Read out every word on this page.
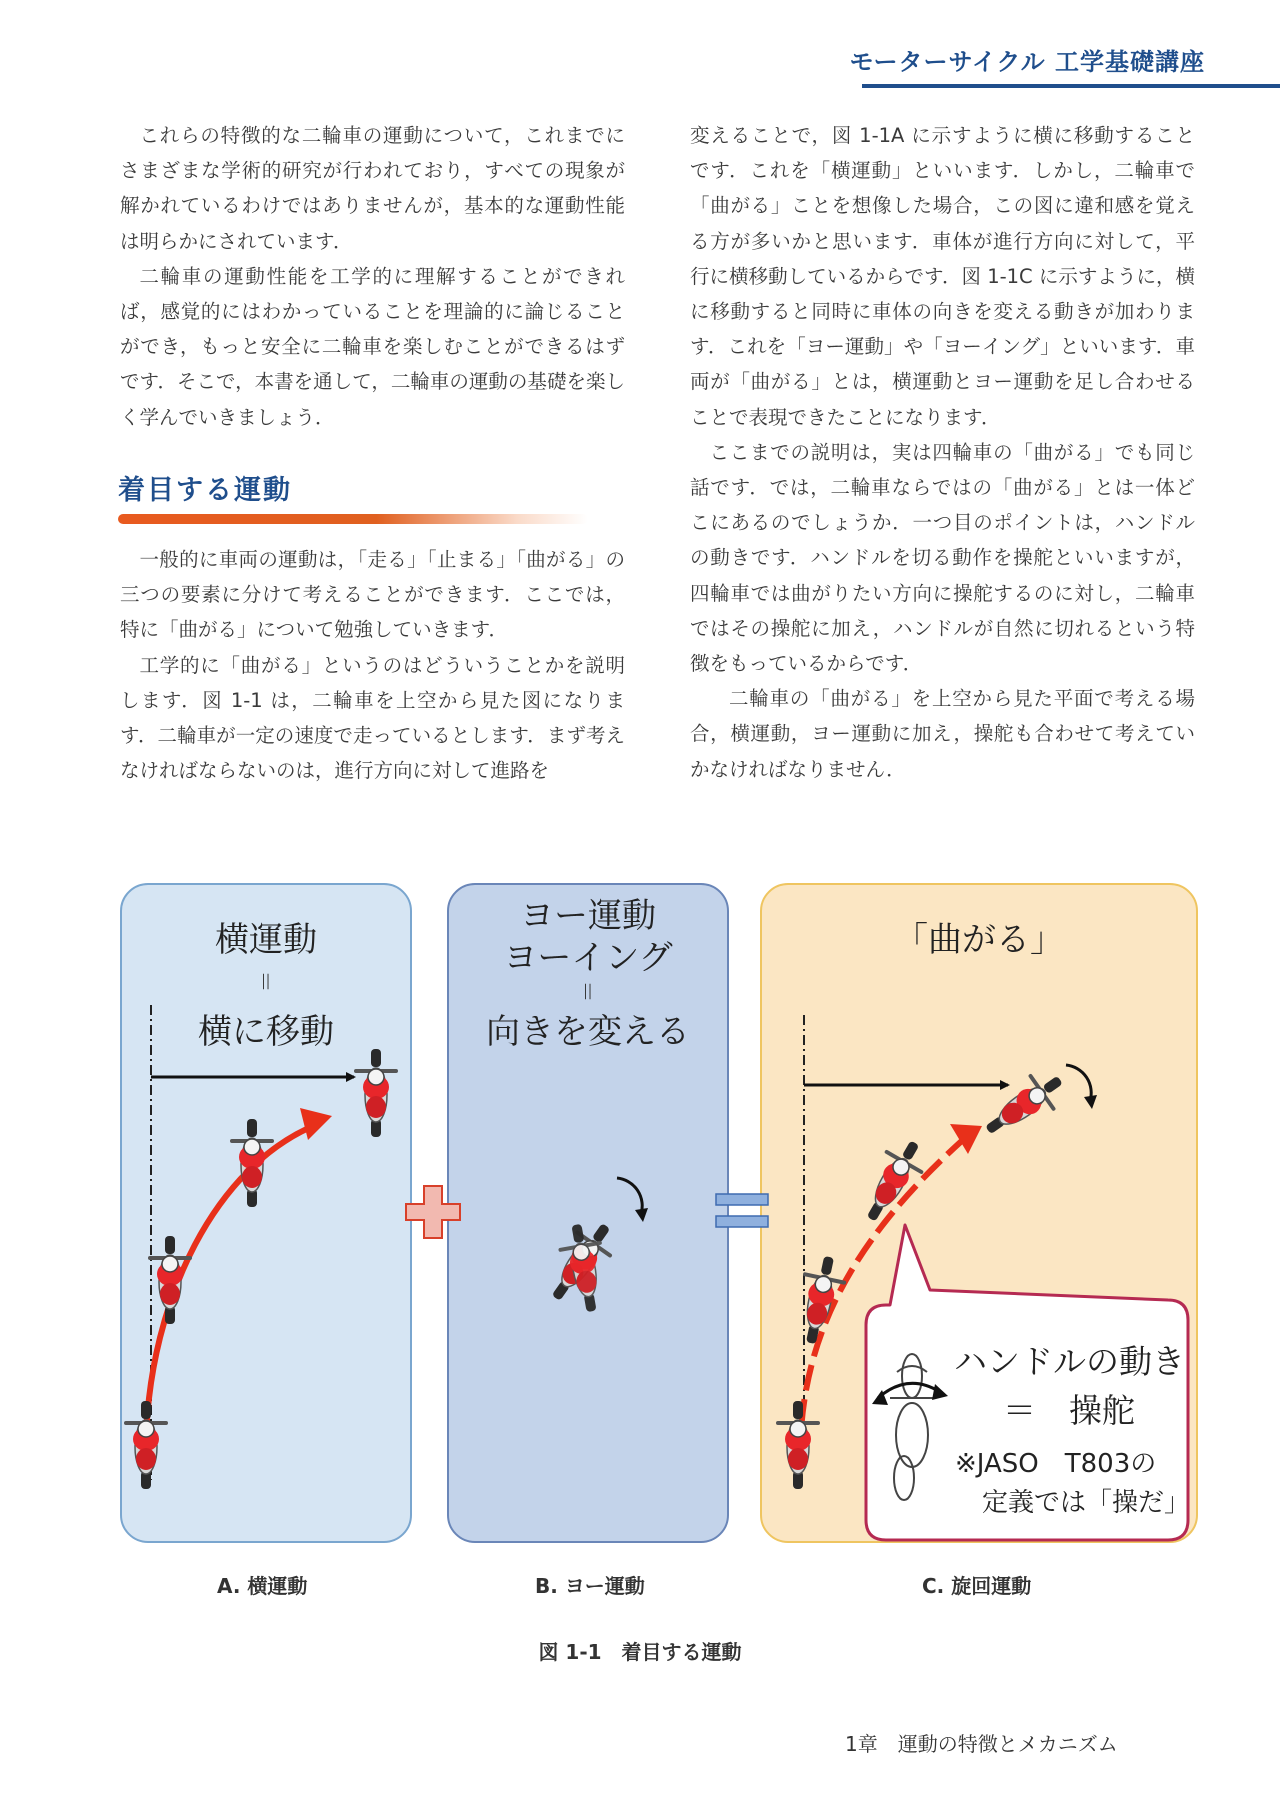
モーターサイクル 工学基礎講座

これらの特徴的な二輪車の運動について，これまでにさまざまな学術的研究が行われており，すべての現象が解かれているわけではありませんが，基本的な運動性能は明らかにされています．

二輪車の運動性能を工学的に理解することができれば，感覚的にはわかっていることを理論的に論じることができ，もっと安全に二輪車を楽しむことができるはずです．そこで，本書を通して，二輪車の運動の基礎を楽しく学んでいきましょう．

着目する運動

一般的に車両の運動は，「走る」「止まる」「曲がる」の三つの要素に分けて考えることができます．ここでは，特に「曲がる」について勉強していきます．

工学的に「曲がる」というのはどういうことかを説明します．図 1-1 は，二輪車を上空から見た図になります．二輪車が一定の速度で走っているとします．まず考えなければならないのは，進行方向に対して進路を

変えることで，図 1-1A に示すように横に移動することです．これを「横運動」といいます．しかし，二輪車で「曲がる」ことを想像した場合，この図に違和感を覚える方が多いかと思います．車体が進行方向に対して，平行に横移動しているからです．図 1-1C に示すように，横に移動すると同時に車体の向きを変える動きが加わります．これを「ヨー運動」や「ヨーイング」といいます．車両が「曲がる」とは，横運動とヨー運動を足し合わせることで表現できたことになります．

ここまでの説明は，実は四輪車の「曲がる」でも同じ話です．では，二輪車ならではの「曲がる」とは一体どこにあるのでしょうか．一つ目のポイントは，ハンドルの動きです．ハンドルを切る動作を操舵といいますが，四輪車では曲がりたい方向に操舵するのに対し，二輪車ではその操舵に加え，ハンドルが自然に切れるという特徴をもっているからです．

二輪車の「曲がる」を上空から見た平面で考える場合，横運動，ヨー運動に加え，操舵も合わせて考えていかなければなりません．

横運動
＝
横に移動
ヨー運動
ヨーイング
＝
向きを変える
「曲がる」
ハンドルの動き
＝　操舵
※JASO　T803の
定義では「操だ」
A. 横運動	B. ヨー運動	C. 旋回運動
図 1-1　着目する運動
1章　運動の特徴とメカニズム
